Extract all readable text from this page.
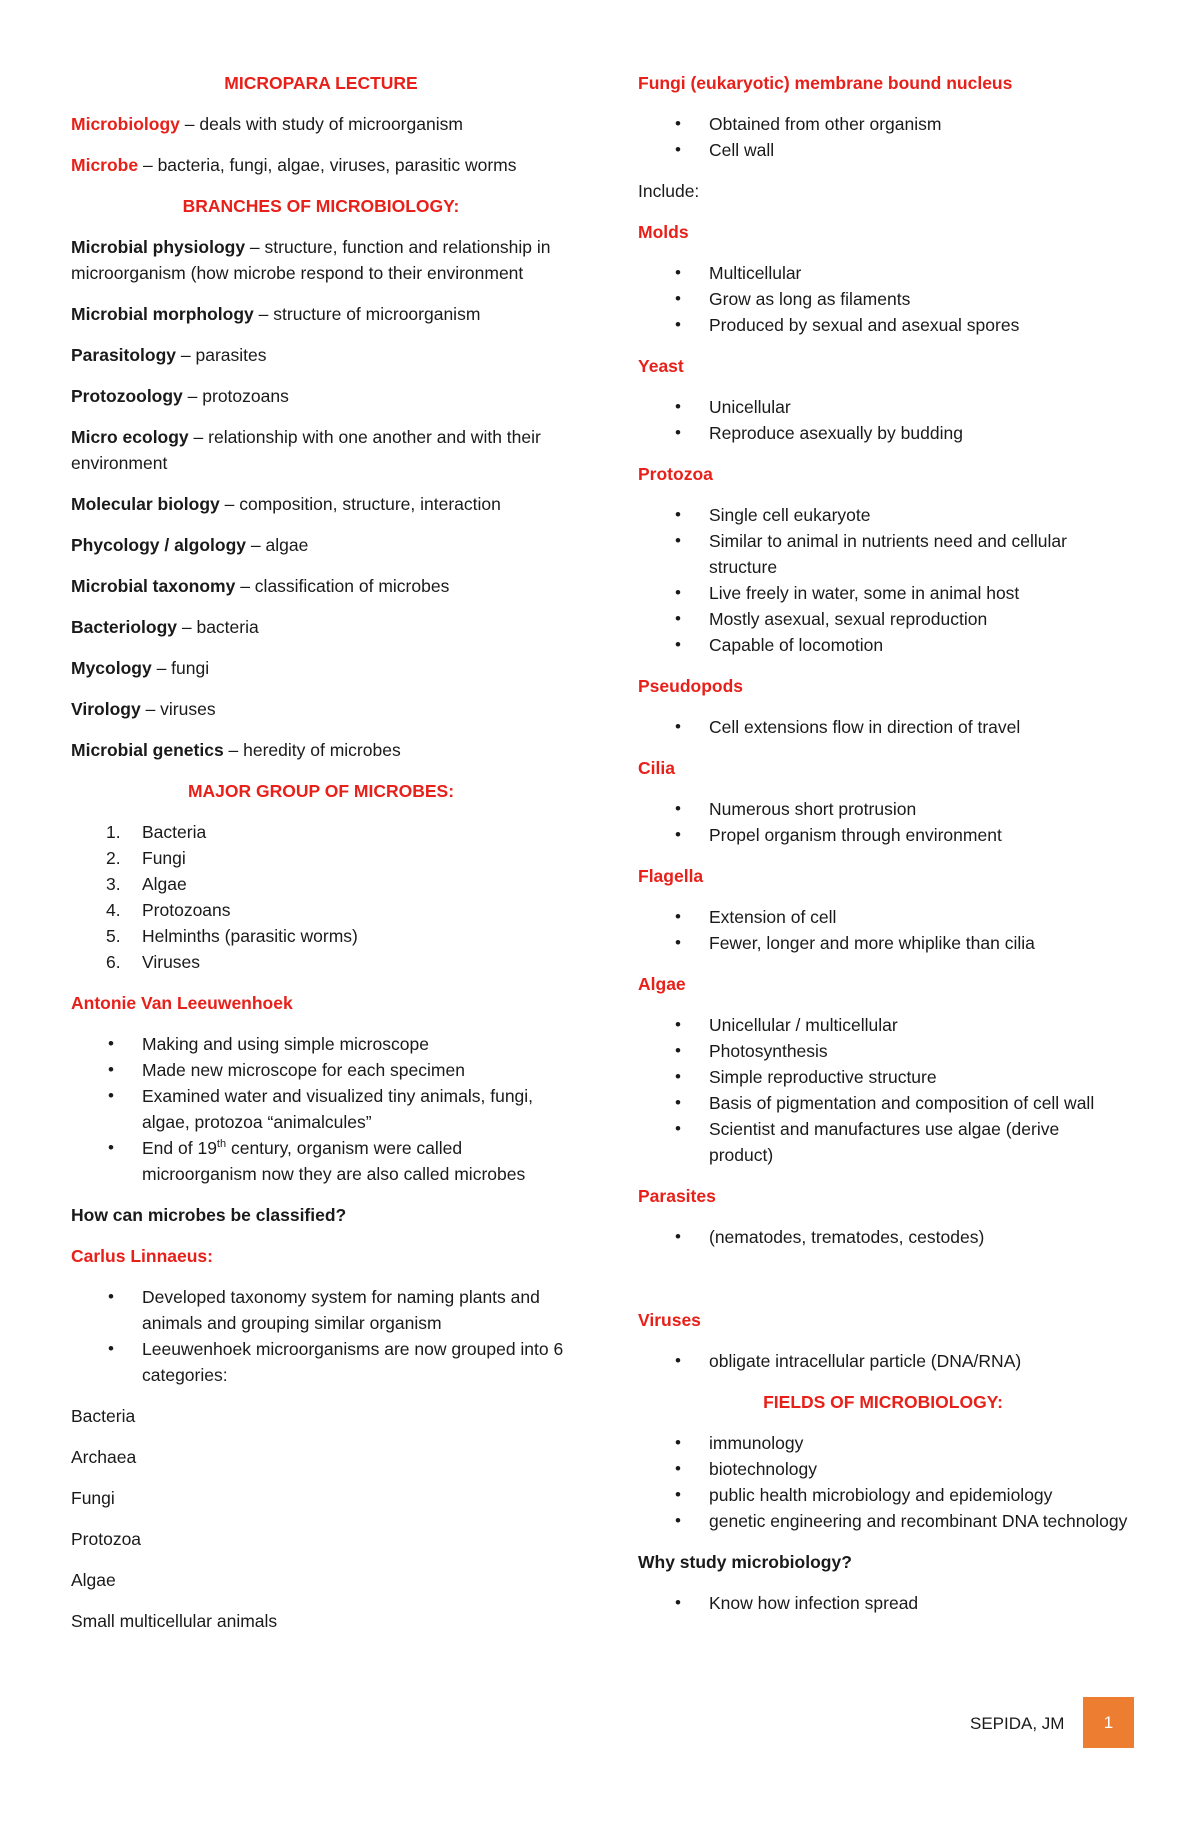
MICROPARA LECTURE

Microbiology – deals with study of microorganism

Microbe – bacteria, fungi, algae, viruses, parasitic worms

BRANCHES OF MICROBIOLOGY:

Microbial physiology – structure, function and relationship in microorganism (how microbe respond to their environment

Microbial morphology – structure of microorganism

Parasitology – parasites

Protozoology – protozoans

Micro ecology – relationship with one another and with their environment

Molecular biology – composition, structure, interaction

Phycology / algology – algae

Microbial taxonomy – classification of microbes

Bacteriology – bacteria

Mycology – fungi

Virology – viruses

Microbial genetics – heredity of microbes

MAJOR GROUP OF MICROBES:

1. Bacteria
2. Fungi
3. Algae
4. Protozoans
5. Helminths (parasitic worms)
6. Viruses
Antonie Van Leeuwenhoek
• Making and using simple microscope
• Made new microscope for each specimen
• Examined water and visualized tiny animals, fungi, algae, protozoa “animalcules”
• End of 19th century, organism were called microorganism now they are also called microbes

How can microbes be classified?

Carlus Linnaeus:
• Developed taxonomy system for naming plants and animals and grouping similar organism
• Leeuwenhoek microorganisms are now grouped into 6 categories:

Bacteria

Archaea

Fungi

Protozoa

Algae

Small multicellular animals

Fungi (eukaryotic) membrane bound nucleus
• Obtained from other organism
• Cell wall

Include:

Molds
• Multicellular
• Grow as long as filaments
• Produced by sexual and asexual spores
Yeast
• Unicellular
• Reproduce asexually by budding
Protozoa
• Single cell eukaryote
• Similar to animal in nutrients need and cellular structure
• Live freely in water, some in animal host
• Mostly asexual, sexual reproduction
• Capable of locomotion
Pseudopods
• Cell extensions flow in direction of travel
Cilia
• Numerous short protrusion
• Propel organism through environment
Flagella
• Extension of cell
• Fewer, longer and more whiplike than cilia
Algae
• Unicellular / multicellular
• Photosynthesis
• Simple reproductive structure
• Basis of pigmentation and composition of cell wall
• Scientist and manufactures use algae (derive product)
Parasites
• (nematodes, trematodes, cestodes)
Viruses
• obligate intracellular particle (DNA/RNA)

FIELDS OF MICROBIOLOGY:

• immunology
• biotechnology
• public health microbiology and epidemiology
• genetic engineering and recombinant DNA technology

Why study microbiology?

• Know how infection spread
SEPIDA, JM	1
